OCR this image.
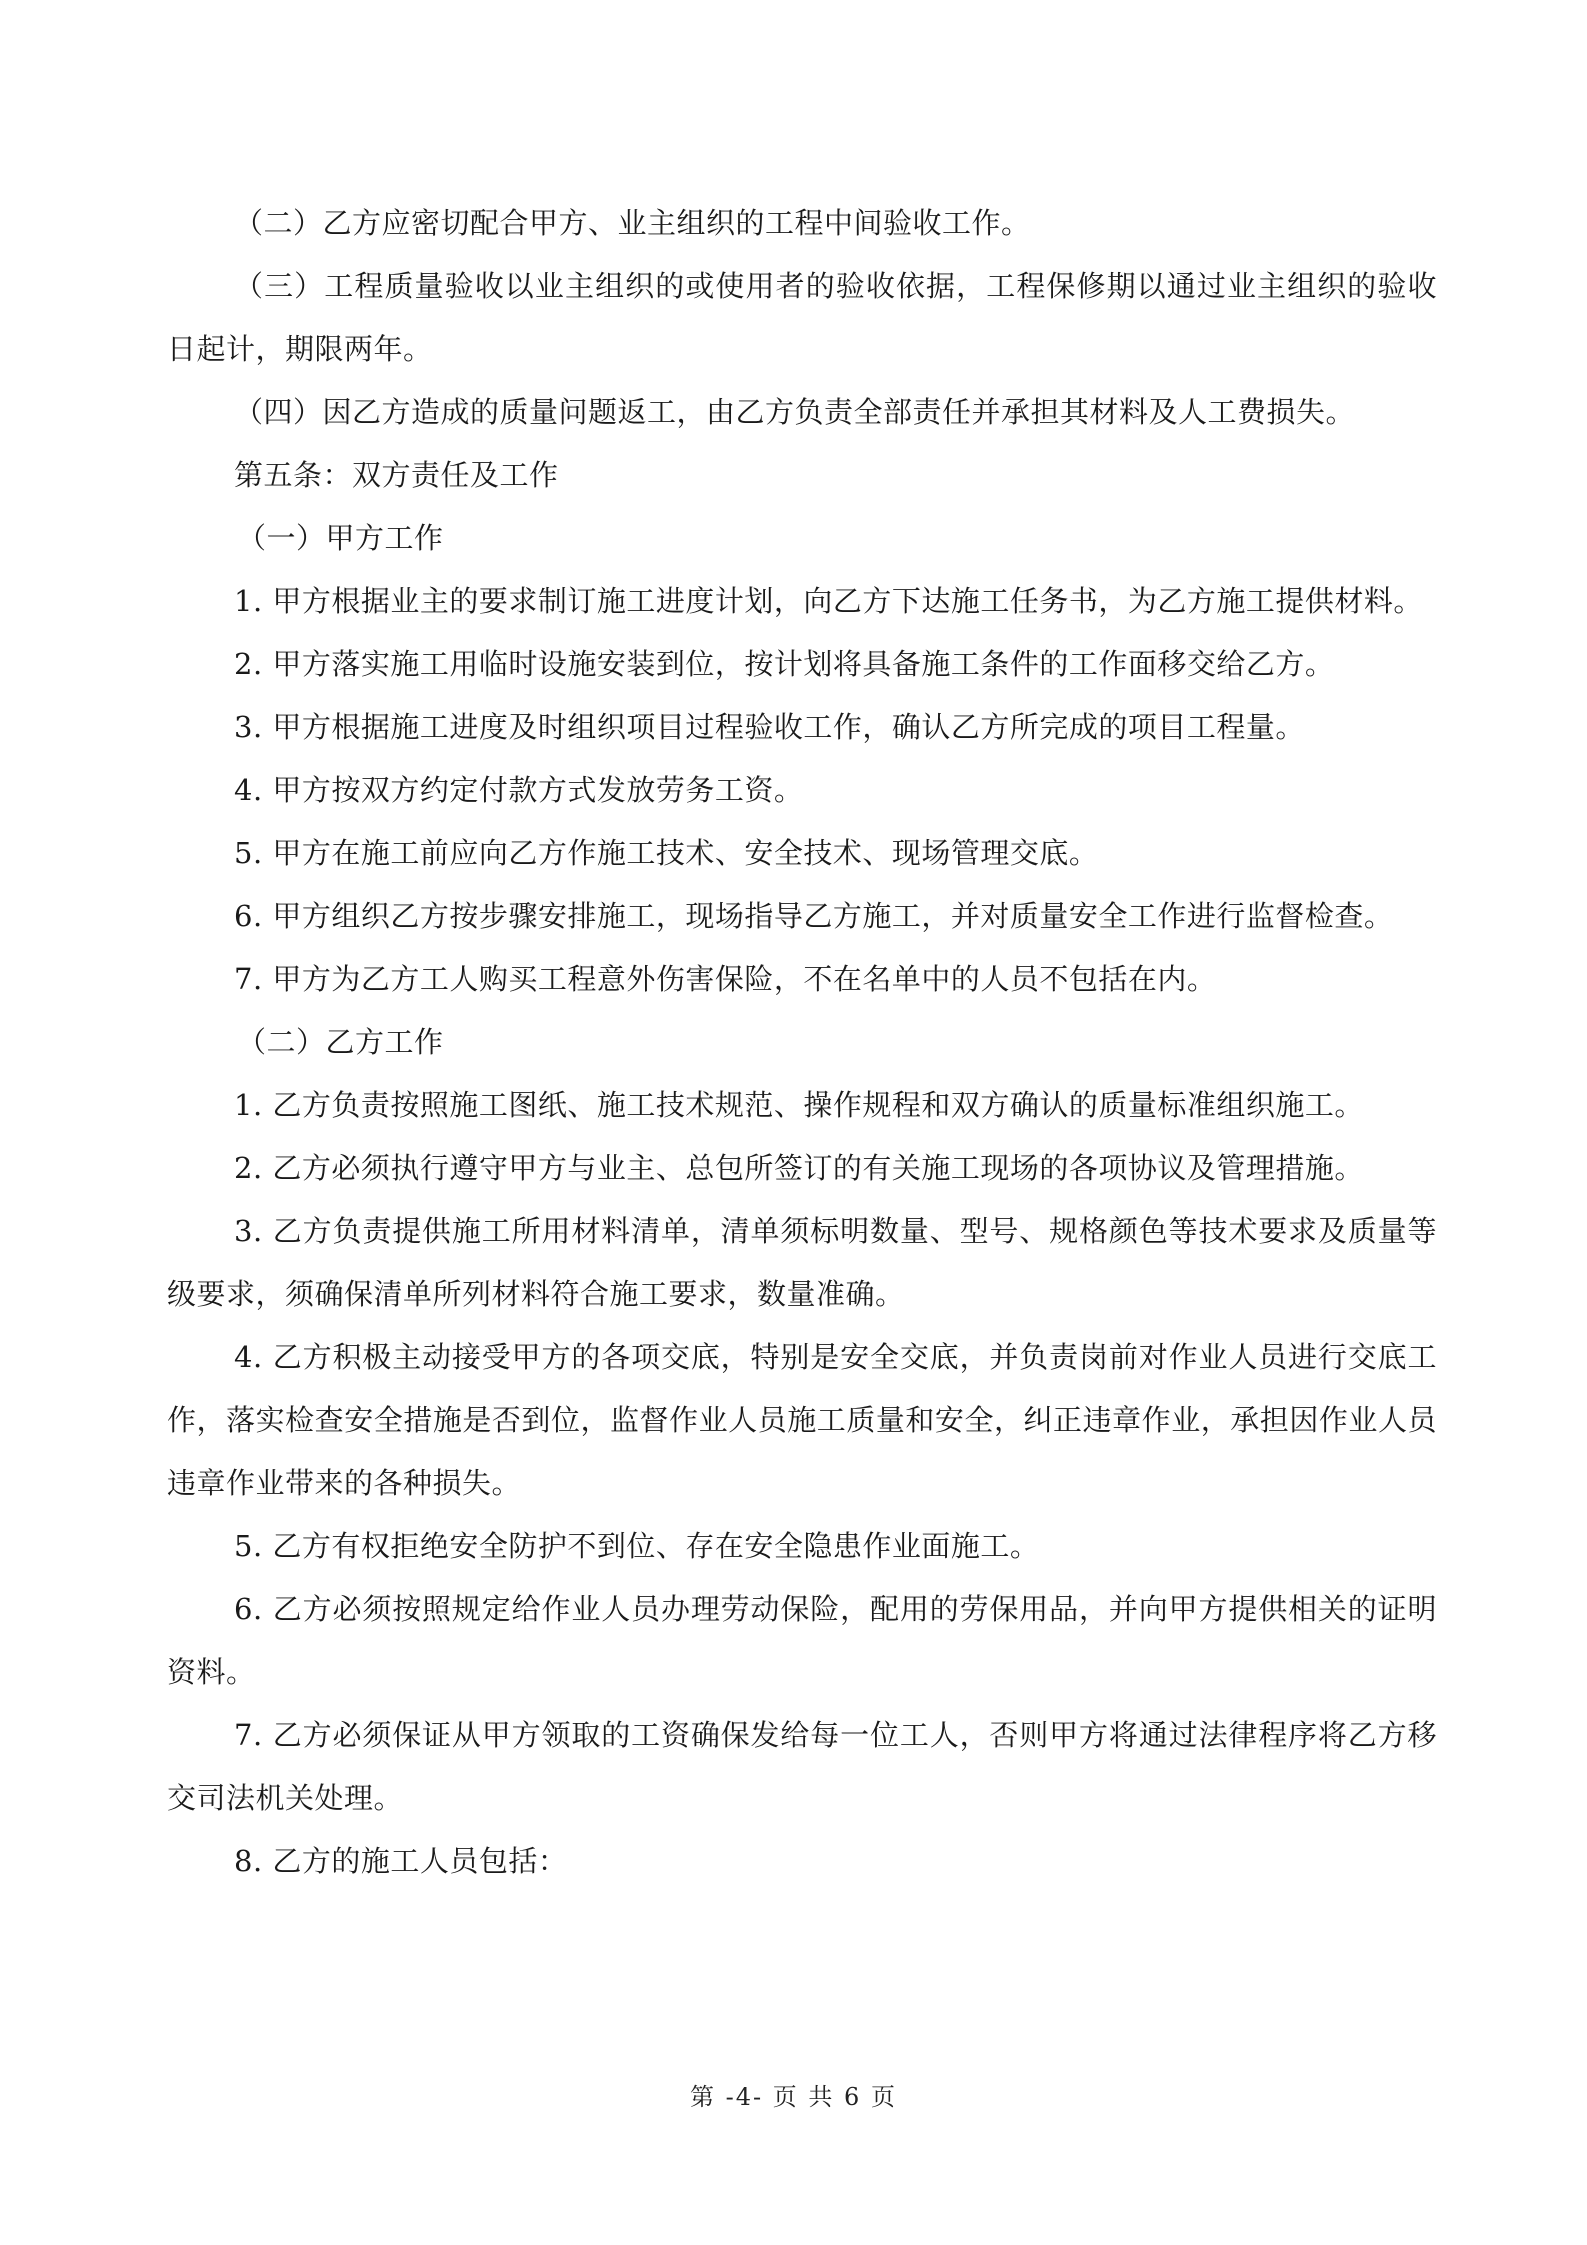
（二）乙方应密切配合甲方、业主组织的工程中间验收工作。

（三）工程质量验收以业主组织的或使用者的验收依据，工程保修期以通过业主组织的验收日起计，期限两年。

（四）因乙方造成的质量问题返工，由乙方负责全部责任并承担其材料及人工费损失。

第五条：双方责任及工作

（一）甲方工作

1. 甲方根据业主的要求制订施工进度计划，向乙方下达施工任务书，为乙方施工提供材料。

2. 甲方落实施工用临时设施安装到位，按计划将具备施工条件的工作面移交给乙方。

3. 甲方根据施工进度及时组织项目过程验收工作，确认乙方所完成的项目工程量。

4. 甲方按双方约定付款方式发放劳务工资。

5. 甲方在施工前应向乙方作施工技术、安全技术、现场管理交底。

6. 甲方组织乙方按步骤安排施工，现场指导乙方施工，并对质量安全工作进行监督检查。

7. 甲方为乙方工人购买工程意外伤害保险，不在名单中的人员不包括在内。

（二）乙方工作

1. 乙方负责按照施工图纸、施工技术规范、操作规程和双方确认的质量标准组织施工。

2. 乙方必须执行遵守甲方与业主、总包所签订的有关施工现场的各项协议及管理措施。

3. 乙方负责提供施工所用材料清单，清单须标明数量、型号、规格颜色等技术要求及质量等级要求，须确保清单所列材料符合施工要求，数量准确。

4. 乙方积极主动接受甲方的各项交底，特别是安全交底，并负责岗前对作业人员进行交底工作，落实检查安全措施是否到位，监督作业人员施工质量和安全，纠正违章作业，承担因作业人员违章作业带来的各种损失。

5. 乙方有权拒绝安全防护不到位、存在安全隐患作业面施工。

6. 乙方必须按照规定给作业人员办理劳动保险，配用的劳保用品，并向甲方提供相关的证明资料。

7. 乙方必须保证从甲方领取的工资确保发给每一位工人，否则甲方将通过法律程序将乙方移交司法机关处理。

8. 乙方的施工人员包括：

第 -4- 页 共 6 页
